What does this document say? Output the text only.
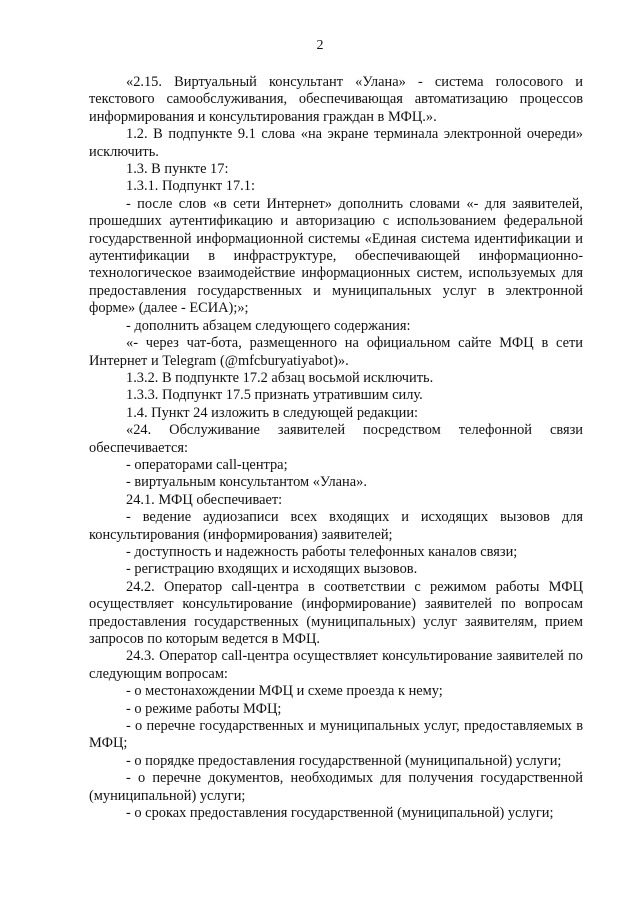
2

«2.15. Виртуальный консультант «Улана» - система голосового и текстового самообслуживания, обеспечивающая автоматизацию процессов информирования и консультирования граждан в МФЦ.».

1.2. В подпункте 9.1 слова «на экране терминала электронной очереди» исключить.

1.3. В пункте 17:

1.3.1. Подпункт 17.1:

- после слов «в сети Интернет» дополнить словами «- для заявителей, прошедших аутентификацию и авторизацию с использованием федеральной государственной информационной системы «Единая система идентификации и аутентификации в инфраструктуре, обеспечивающей информационно-технологическое взаимодействие информационных систем, используемых для предоставления государственных и муниципальных услуг в электронной форме» (далее - ЕСИА);»;

- дополнить абзацем следующего содержания:

«- через чат-бота, размещенного на официальном сайте МФЦ в сети Интернет и Telegram (@mfcburyatiyabot)».

1.3.2. В подпункте 17.2 абзац восьмой исключить.

1.3.3. Подпункт 17.5 признать утратившим силу.

1.4. Пункт 24 изложить в следующей редакции:

«24. Обслуживание заявителей посредством телефонной связи обеспечивается:

- операторами call-центра;

- виртуальным консультантом «Улана».

24.1. МФЦ обеспечивает:

- ведение аудиозаписи всех входящих и исходящих вызовов для консультирования (информирования) заявителей;

- доступность и надежность работы телефонных каналов связи;

- регистрацию входящих и исходящих вызовов.

24.2. Оператор call-центра в соответствии с режимом работы МФЦ осуществляет консультирование (информирование) заявителей по вопросам предоставления государственных (муниципальных) услуг заявителям, прием запросов по которым ведется в МФЦ.

24.3. Оператор call-центра осуществляет консультирование заявителей по следующим вопросам:

- о местонахождении МФЦ и схеме проезда к нему;

- о режиме работы МФЦ;

- о перечне государственных и муниципальных услуг, предоставляемых в МФЦ;

- о порядке предоставления государственной (муниципальной) услуги;

- о перечне документов, необходимых для получения государственной (муниципальной) услуги;

- о сроках предоставления государственной (муниципальной) услуги;
